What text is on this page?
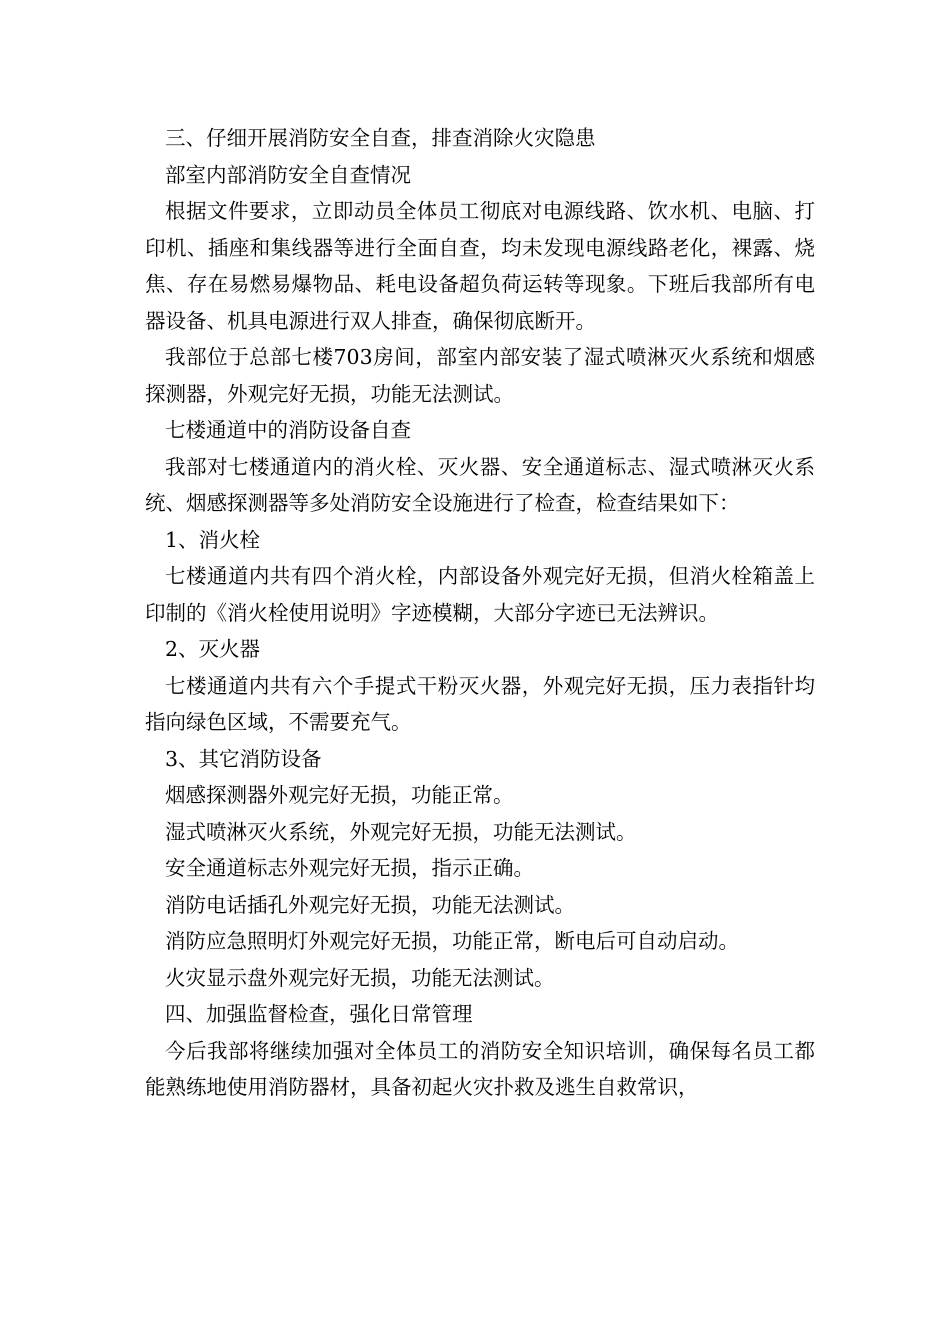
三、仔细开展消防安全自查，排查消除火灾隐患

部室内部消防安全自查情况

根据文件要求，立即动员全体员工彻底对电源线路、饮水机、电脑、打印机、插座和集线器等进行全面自查，均未发现电源线路老化，裸露、烧焦、存在易燃易爆物品、耗电设备超负荷运转等现象。下班后我部所有电器设备、机具电源进行双人排查，确保彻底断开。

我部位于总部七楼703房间，部室内部安装了湿式喷淋灭火系统和烟感探测器，外观完好无损，功能无法测试。

七楼通道中的消防设备自查

我部对七楼通道内的消火栓、灭火器、安全通道标志、湿式喷淋灭火系统、烟感探测器等多处消防安全设施进行了检查，检查结果如下：

1、消火栓

七楼通道内共有四个消火栓，内部设备外观完好无损，但消火栓箱盖上印制的《消火栓使用说明》字迹模糊，大部分字迹已无法辨识。

2、灭火器

七楼通道内共有六个手提式干粉灭火器，外观完好无损，压力表指针均指向绿色区域，不需要充气。

3、其它消防设备

烟感探测器外观完好无损，功能正常。

湿式喷淋灭火系统，外观完好无损，功能无法测试。

安全通道标志外观完好无损，指示正确。

消防电话插孔外观完好无损，功能无法测试。

消防应急照明灯外观完好无损，功能正常，断电后可自动启动。

火灾显示盘外观完好无损，功能无法测试。

四、加强监督检查，强化日常管理

今后我部将继续加强对全体员工的消防安全知识培训，确保每名员工都能熟练地使用消防器材，具备初起火灾扑救及逃生自救常识，
